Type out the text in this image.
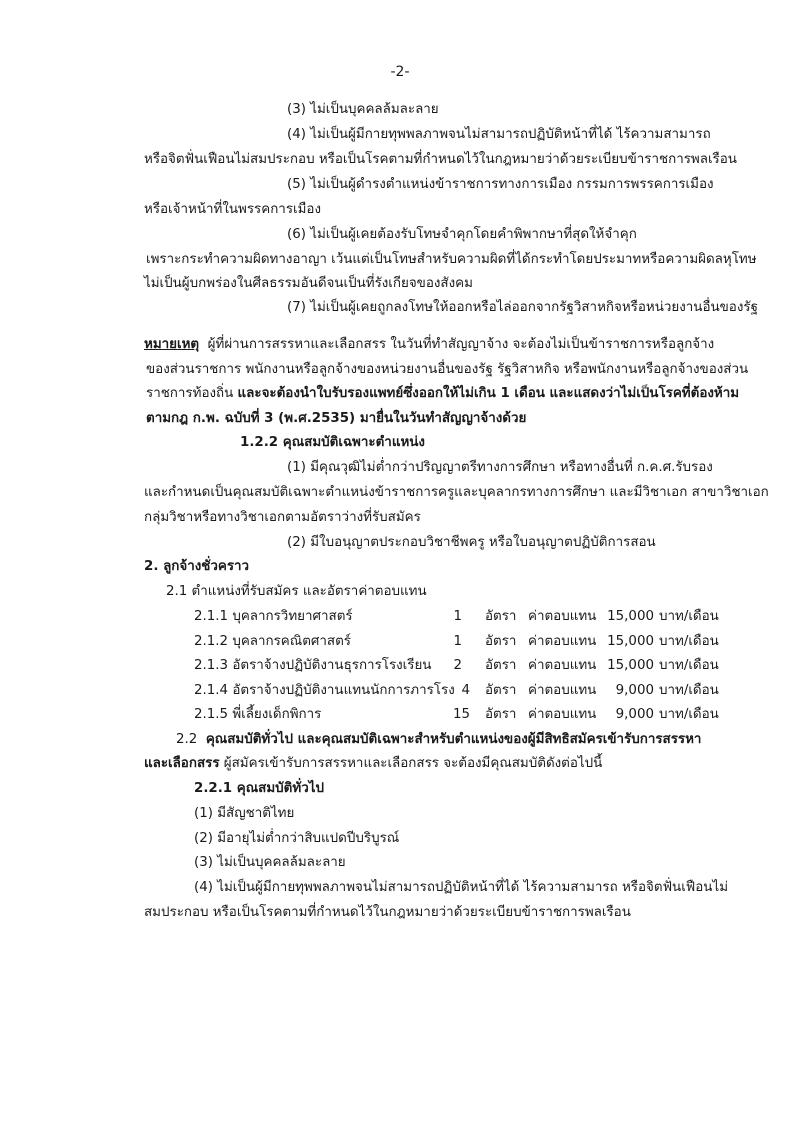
-2-
(3) ไม่เป็นบุคคลล้มละลาย
(4) ไม่เป็นผู้มีกายทุพพลภาพจนไม่สามารถปฏิบัติหน้าที่ได้ ไร้ความสามารถ
หรือจิตฟั่นเฟือนไม่สมประกอบ หรือเป็นโรคตามที่กำหนดไว้ในกฎหมายว่าด้วยระเบียบข้าราชการพลเรือน
(5) ไม่เป็นผู้ดำรงตำแหน่งข้าราชการทางการเมือง กรรมการพรรคการเมือง
หรือเจ้าหน้าที่ในพรรคการเมือง
(6) ไม่เป็นผู้เคยต้องรับโทษจำคุกโดยคำพิพากษาที่สุดให้จำคุก
เพราะกระทำความผิดทางอาญา เว้นแต่เป็นโทษสำหรับความผิดที่ได้กระทำโดยประมาทหรือความผิดลหุโทษ
ไม่เป็นผู้บกพร่องในศีลธรรมอันดีจนเป็นที่รังเกียจของสังคม
(7) ไม่เป็นผู้เคยถูกลงโทษให้ออกหรือไล่ออกจากรัฐวิสาหกิจหรือหน่วยงานอื่นของรัฐ
หมายเหตุ ผู้ที่ผ่านการสรรหาและเลือกสรร ในวันที่ทำสัญญาจ้าง จะต้องไม่เป็นข้าราชการหรือลูกจ้าง
ของส่วนราชการ พนักงานหรือลูกจ้างของหน่วยงานอื่นของรัฐ รัฐวิสาหกิจ หรือพนักงานหรือลูกจ้างของส่วน
ราชการท้องถิ่น และจะต้องนำใบรับรองแพทย์ซึ่งออกให้ไม่เกิน 1 เดือน และแสดงว่าไม่เป็นโรคที่ต้องห้าม
ตามกฎ ก.พ. ฉบับที่ 3 (พ.ศ.2535) มายื่นในวันทำสัญญาจ้างด้วย
1.2.2 คุณสมบัติเฉพาะตำแหน่ง
(1) มีคุณวุฒิไม่ต่ำกว่าปริญญาตรีทางการศึกษา หรือทางอื่นที่ ก.ค.ศ.รับรอง
และกำหนดเป็นคุณสมบัติเฉพาะตำแหน่งข้าราชการครูและบุคลากรทางการศึกษา และมีวิชาเอก สาขาวิชาเอก
กลุ่มวิชาหรือทางวิชาเอกตามอัตราว่างที่รับสมัคร
(2) มีใบอนุญาตประกอบวิชาชีพครู หรือใบอนุญาตปฏิบัติการสอน
2. ลูกจ้างชั่วคราว
2.1 ตำแหน่งที่รับสมัคร และอัตราค่าตอบแทน
2.1.1 บุคลากรวิทยาศาสตร์	1 อัตรา ค่าตอบแทน 15,000 บาท/เดือน
2.1.2 บุคลากรคณิตศาสตร์	1 อัตรา ค่าตอบแทน 15,000 บาท/เดือน
2.1.3 อัตราจ้างปฏิบัติงานธุรการโรงเรียน	2 อัตรา ค่าตอบแทน 15,000 บาท/เดือน
2.1.4 อัตราจ้างปฏิบัติงานแทนนักการภารโรง 4 อัตรา ค่าตอบแทน	9,000 บาท/เดือน
2.1.5 พี่เลี้ยงเด็กพิการ	15 อัตรา ค่าตอบแทน	9,000 บาท/เดือน
2.2 คุณสมบัติทั่วไป และคุณสมบัติเฉพาะสำหรับตำแหน่งของผู้มีสิทธิสมัครเข้ารับการสรรหา
และเลือกสรร ผู้สมัครเข้ารับการสรรหาและเลือกสรร จะต้องมีคุณสมบัติดังต่อไปนี้
2.2.1 คุณสมบัติทั่วไป
(1) มีสัญชาติไทย
(2) มีอายุไม่ต่ำกว่าสิบแปดปีบริบูรณ์
(3) ไม่เป็นบุคคลล้มละลาย
(4) ไม่เป็นผู้มีกายทุพพลภาพจนไม่สามารถปฏิบัติหน้าที่ได้ ไร้ความสามารถ หรือจิตฟั่นเฟือนไม่
สมประกอบ หรือเป็นโรคตามที่กำหนดไว้ในกฎหมายว่าด้วยระเบียบข้าราชการพลเรือน
